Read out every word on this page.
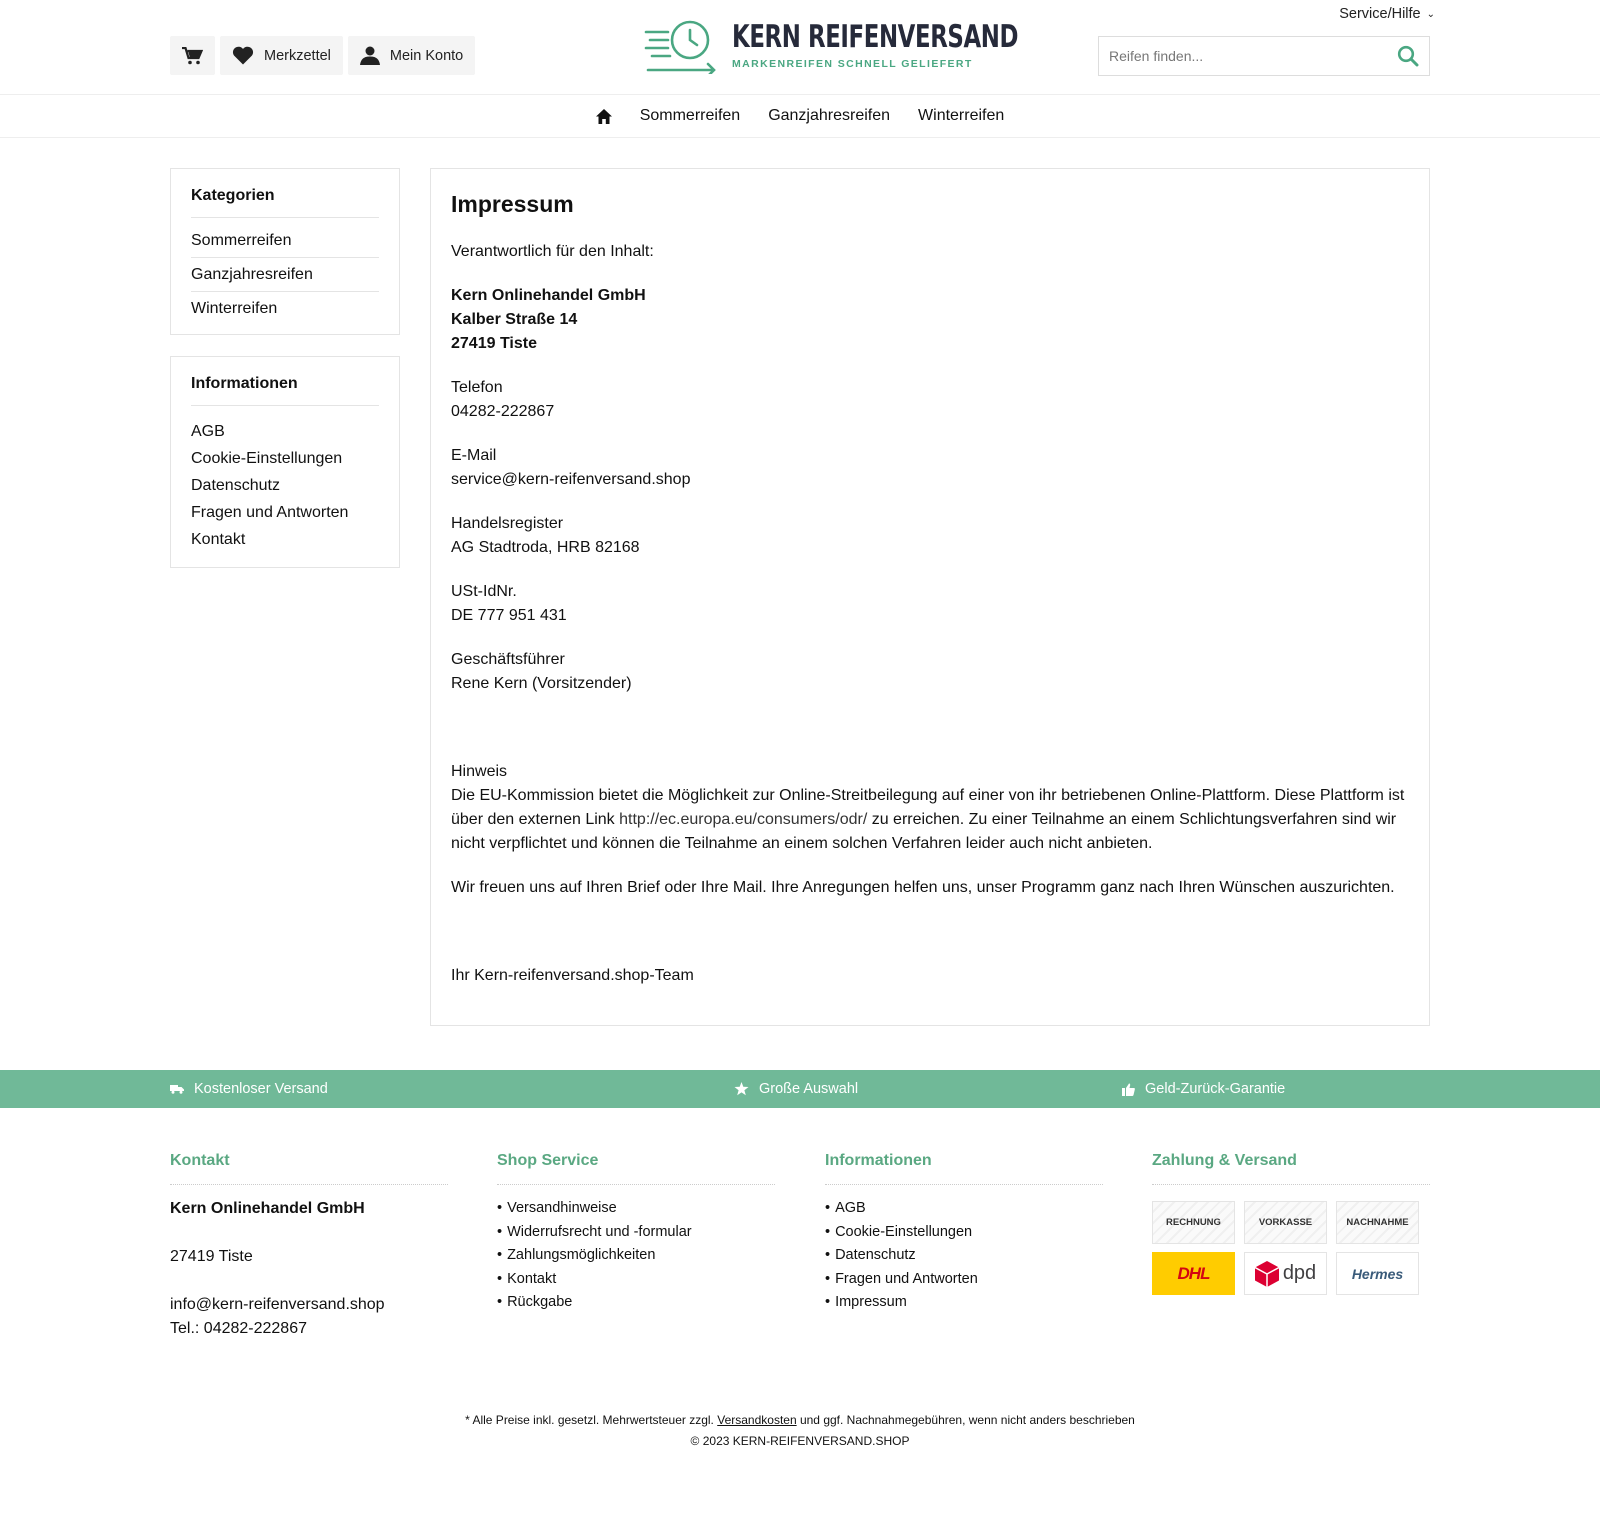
Service/Hilfe ⌄
Merkzettel	Mein Konto
KERN REIFENVERSAND
MARKENREIFEN SCHNELL GELIEFERT
Reifen finden...
Sommerreifen Ganzjahresreifen Winterreifen
Kategorien
Sommerreifen
Ganzjahresreifen
Winterreifen
Informationen
AGB
Cookie-Einstellungen
Datenschutz
Fragen und Antworten
Kontakt
Impressum

Verantwortlich für den Inhalt:

Kern Onlinehandel GmbH
Kalber Straße 14
27419 Tiste

Telefon
04282-222867

E-Mail
service@kern-reifenversand.shop

Handelsregister
AG Stadtroda, HRB 82168

USt-IdNr.
DE 777 951 431

Geschäftsführer
Rene Kern (Vorsitzender)

Hinweis
Die EU-Kommission bietet die Möglichkeit zur Online-Streitbeilegung auf einer von ihr betriebenen Online-Plattform. Diese Plattform ist über den externen Link http://ec.europa.eu/consumers/odr/ zu erreichen. Zu einer Teilnahme an einem Schlichtungsverfahren sind wir nicht verpflichtet und können die Teilnahme an einem solchen Verfahren leider auch nicht anbieten.

Wir freuen uns auf Ihren Brief oder Ihre Mail. Ihre Anregungen helfen uns, unser Programm ganz nach Ihren Wünschen auszurichten.

Ihr Kern-reifenversand.shop-Team

Kostenloser Versand	Große Auswahl	Geld-Zurück-Garantie
Kontakt
Kern Onlinehandel GmbH
27419 Tiste
info@kern-reifenversand.shop
Tel.: 04282-222867
Shop Service
• Versandhinweise
• Widerrufsrecht und -formular
• Zahlungsmöglichkeiten
• Kontakt
• Rückgabe
Informationen
• AGB
• Cookie-Einstellungen
• Datenschutz
• Fragen und Antworten
• Impressum
Zahlung & Versand
RECHNUNG	VORKASSE	NACHNAHME
DHL	dpd	Hermes
* Alle Preise inkl. gesetzl. Mehrwertsteuer zzgl. Versandkosten und ggf. Nachnahmegebühren, wenn nicht anders beschrieben
© 2023 KERN-REIFENVERSAND.SHOP
